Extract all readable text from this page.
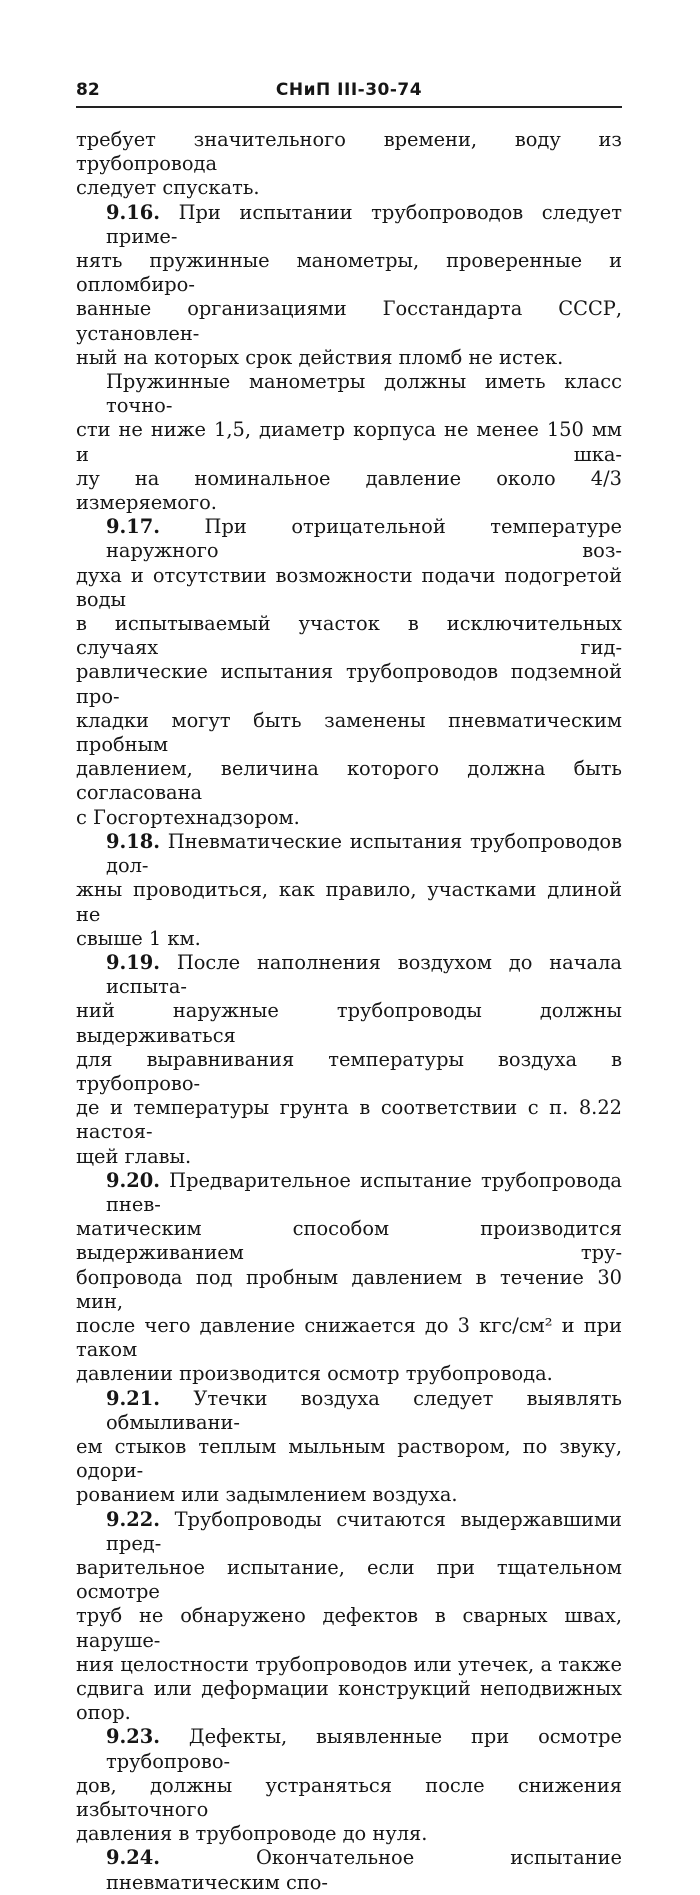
82	СНиП III-30-74

требует значительного времени, воду из трубопровода
следует спускать.

9.16. При испытании трубопроводов следует приме-
нять пружинные манометры, проверенные и опломбиро-
ванные организациями Госстандарта СССР, установлен-
ный на которых срок действия пломб не истек.

Пружинные манометры должны иметь класс точно-
сти не ниже 1,5, диаметр корпуса не менее 150 мм и шка-
лу на номинальное давление около 4/3 измеряемого.

9.17. При отрицательной температуре наружного воз-
духа и отсутствии возможности подачи подогретой воды
в испытываемый участок в исключительных случаях гид-
равлические испытания трубопроводов подземной про-
кладки могут быть заменены пневматическим пробным
давлением, величина которого должна быть согласована
с Госгортехнадзором.

9.18. Пневматические испытания трубопроводов дол-
жны проводиться, как правило, участками длиной не
свыше 1 км.

9.19. После наполнения воздухом до начала испыта-
ний наружные трубопроводы должны выдерживаться
для выравнивания температуры воздуха в трубопрово-
де и температуры грунта в соответствии с п. 8.22 настоя-
щей главы.

9.20. Предварительное испытание трубопровода пнев-
матическим способом производится выдерживанием тру-
бопровода под пробным давлением в течение 30 мин,
после чего давление снижается до 3 кгс/см² и при таком
давлении производится осмотр трубопровода.

9.21. Утечки воздуха следует выявлять обмыливани-
ем стыков теплым мыльным раствором, по звуку, одори-
рованием или задымлением воздуха.

9.22. Трубопроводы считаются выдержавшими пред-
варительное испытание, если при тщательном осмотре
труб не обнаружено дефектов в сварных швах, наруше-
ния целостности трубопроводов или утечек, а также
сдвига или деформации конструкций неподвижных
опор.

9.23. Дефекты, выявленные при осмотре трубопрово-
дов, должны устраняться после снижения избыточного
давления в трубопроводе до нуля.

9.24. Окончательное испытание пневматическим спо-
